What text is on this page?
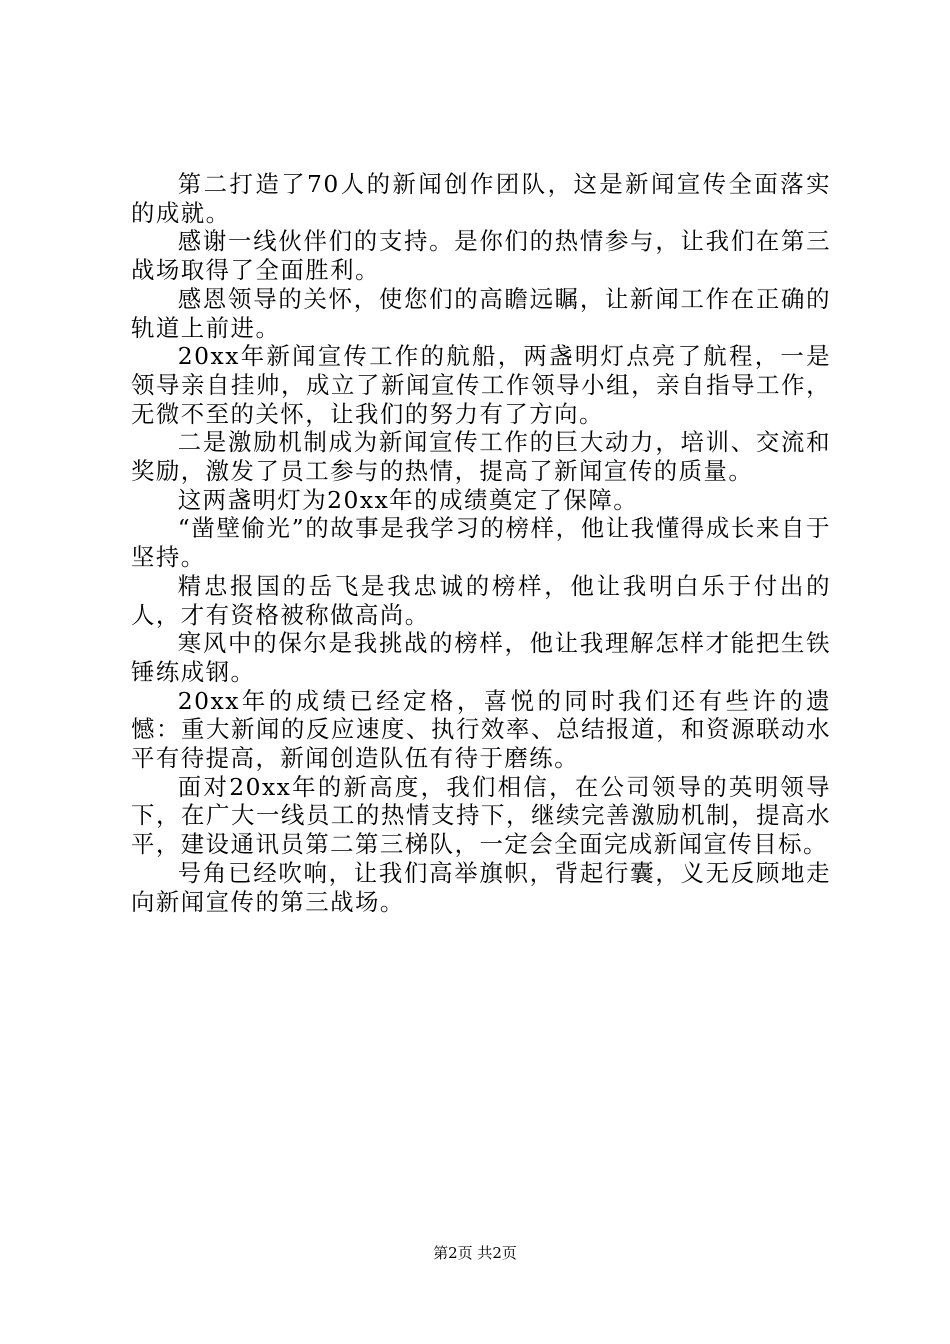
第二打造了70人的新闻创作团队，这是新闻宣传全面落实的成就。

感谢一线伙伴们的支持。是你们的热情参与，让我们在第三战场取得了全面胜利。

感恩领导的关怀，使您们的高瞻远瞩，让新闻工作在正确的轨道上前进。

20xx年新闻宣传工作的航船，两盏明灯点亮了航程，一是领导亲自挂帅，成立了新闻宣传工作领导小组，亲自指导工作，无微不至的关怀，让我们的努力有了方向。

二是激励机制成为新闻宣传工作的巨大动力，培训、交流和奖励，激发了员工参与的热情，提高了新闻宣传的质量。

这两盏明灯为20xx年的成绩奠定了保障。

“凿壁偷光”的故事是我学习的榜样，他让我懂得成长来自于坚持。

精忠报国的岳飞是我忠诚的榜样，他让我明白乐于付出的人，才有资格被称做高尚。

寒风中的保尔是我挑战的榜样，他让我理解怎样才能把生铁锤练成钢。

20xx年的成绩已经定格，喜悦的同时我们还有些许的遗憾：重大新闻的反应速度、执行效率、总结报道，和资源联动水平有待提高，新闻创造队伍有待于磨练。

面对20xx年的新高度，我们相信，在公司领导的英明领导下，在广大一线员工的热情支持下，继续完善激励机制，提高水平，建设通讯员第二第三梯队，一定会全面完成新闻宣传目标。

号角已经吹响，让我们高举旗帜，背起行囊，义无反顾地走向新闻宣传的第三战场。

第2页 共2页
